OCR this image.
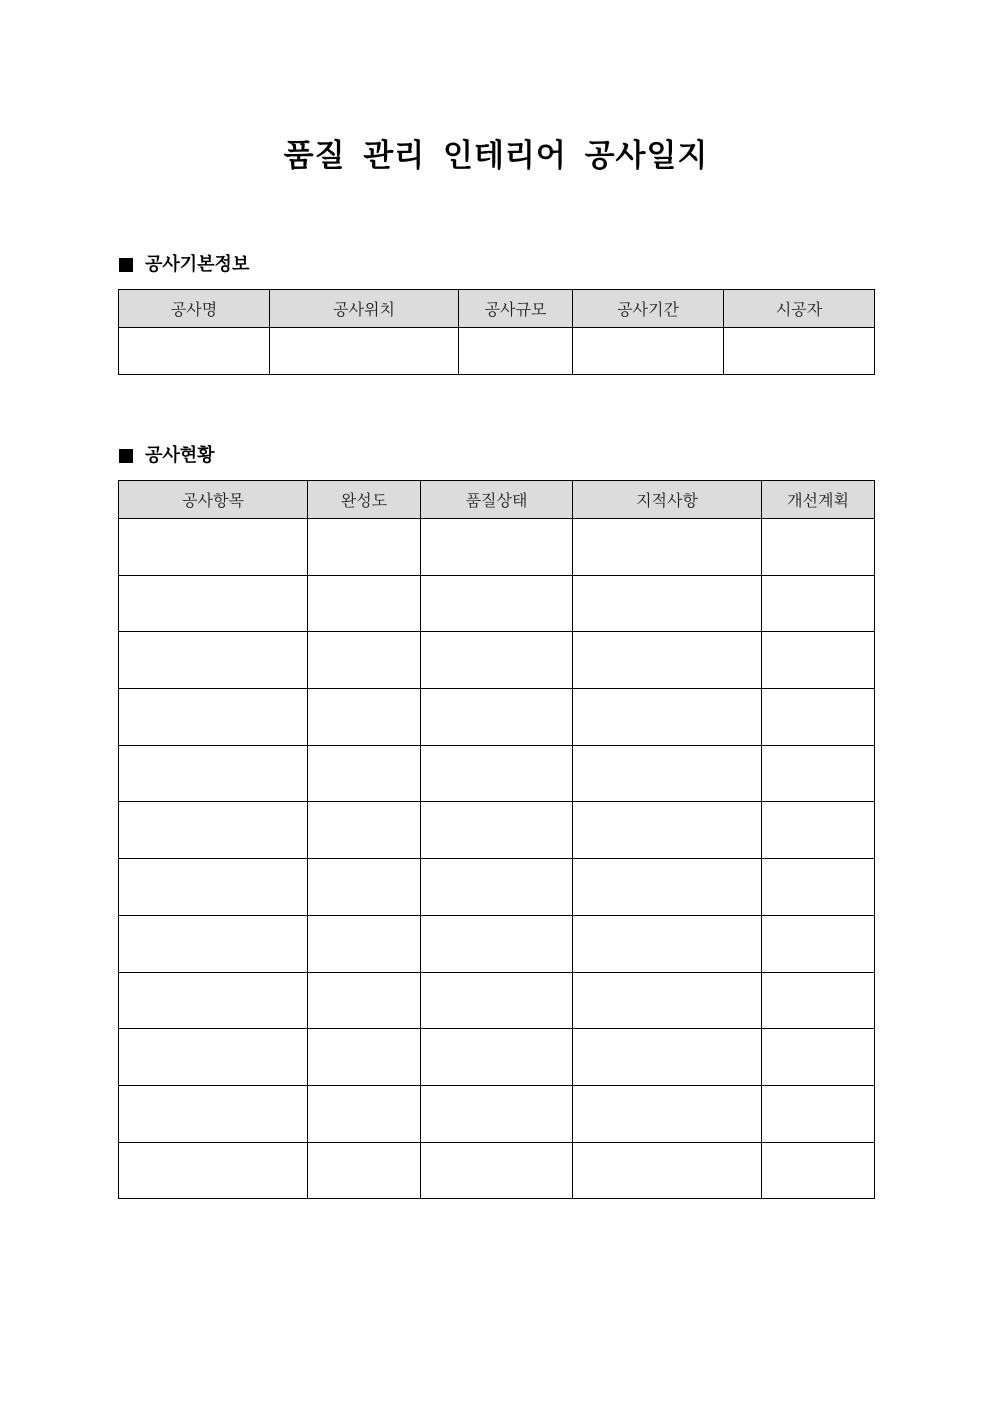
품질 관리 인테리어 공사일지
공사기본정보
공사명	공사위치	공사규모	공사기간	시공자

공사현황
공사항목	완성도	품질상태	지적사항	개선계획
